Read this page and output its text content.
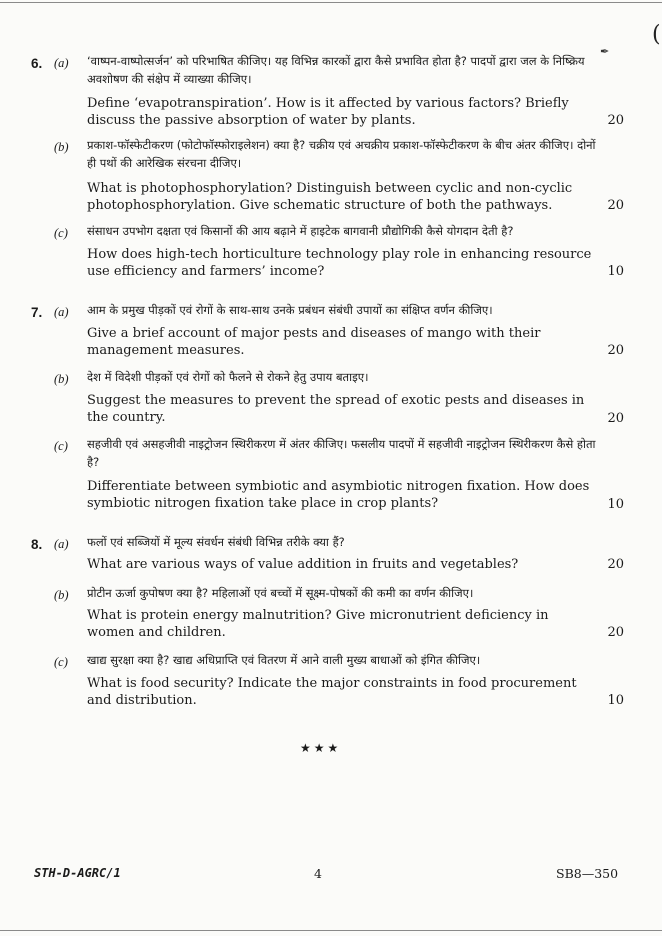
✒
(
6. (a) ‘वाष्पन-वाष्पोत्सर्जन’ को परिभाषित कीजिए। यह विभिन्न कारकों द्वारा कैसे प्रभावित होता है? पादपों द्वारा जल के निष्क्रिय अवशोषण की संक्षेप में व्याख्या कीजिए।
Define ‘evapotranspiration’. How is it affected by various factors? Briefly discuss the passive absorption of water by plants.	20
(b) प्रकाश-फॉस्फेटीकरण (फोटोफॉस्फोराइलेशन) क्या है? चक्रीय एवं अचक्रीय प्रकाश-फॉस्फेटीकरण के बीच अंतर कीजिए। दोनों ही पथों की आरेखिक संरचना दीजिए।
What is photophosphorylation? Distinguish between cyclic and non-cyclic photophosphorylation. Give schematic structure of both the pathways.	20
(c) संसाधन उपभोग दक्षता एवं किसानों की आय बढ़ाने में हाइटेक बागवानी प्रौद्योगिकी कैसे योगदान देती है?
How does high-tech horticulture technology play role in enhancing resource use efficiency and farmers’ income?	10
7. (a) आम के प्रमुख पीड़कों एवं रोगों के साथ-साथ उनके प्रबंधन संबंधी उपायों का संक्षिप्त वर्णन कीजिए।
Give a brief account of major pests and diseases of mango with their management measures.	20
(b) देश में विदेशी पीड़कों एवं रोगों को फैलने से रोकने हेतु उपाय बताइए।
Suggest the measures to prevent the spread of exotic pests and diseases in the country.	20
(c) सहजीवी एवं असहजीवी नाइट्रोजन स्थिरीकरण में अंतर कीजिए। फसलीय पादपों में सहजीवी नाइट्रोजन स्थिरीकरण कैसे होता है?
Differentiate between symbiotic and asymbiotic nitrogen fixation. How does symbiotic nitrogen fixation take place in crop plants?	10
8. (a) फलों एवं सब्जियों में मूल्य संवर्धन संबंधी विभिन्न तरीके क्या हैं?
What are various ways of value addition in fruits and vegetables?	20
(b) प्रोटीन ऊर्जा कुपोषण क्या है? महिलाओं एवं बच्चों में सूक्ष्म-पोषकों की कमी का वर्णन कीजिए।
What is protein energy malnutrition? Give micronutrient deficiency in women and children.	20
(c) खाद्य सुरक्षा क्या है? खाद्य अधिप्राप्ति एवं वितरण में आने वाली मुख्य बाधाओं को इंगित कीजिए।
What is food security? Indicate the major constraints in food procurement and distribution.	10
★★★
STH-D-AGRC/1	4	SB8—350
